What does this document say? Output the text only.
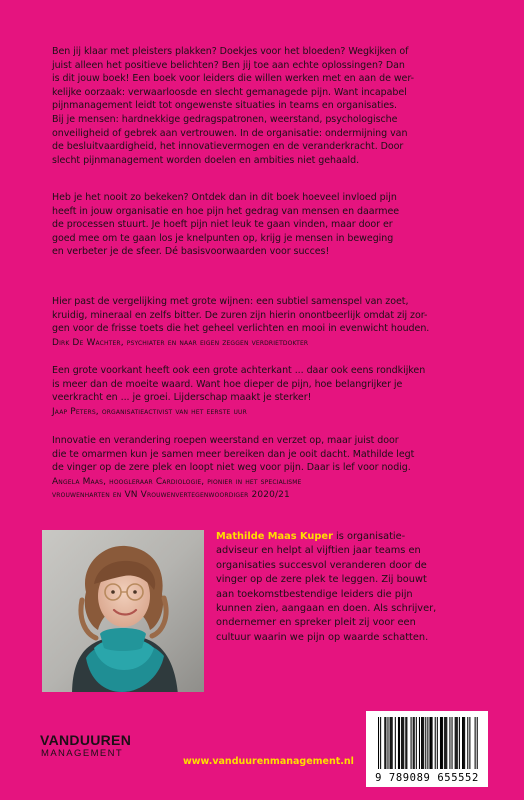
Ben jij klaar met pleisters plakken? Doekjes voor het bloeden? Wegkijken of

juist alleen het positieve belichten? Ben jij toe aan echte oplossingen? Dan

is dit jouw boek! Een boek voor leiders die willen werken met en aan de wer-

kelijke oorzaak: verwaarloosde en slecht gemanagede pijn. Want incapabel

pijnmanagement leidt tot ongewenste situaties in teams en organisaties.

Bij je mensen: hardnekkige gedragspatronen, weerstand, psychologische

onveiligheid of gebrek aan vertrouwen. In de organisatie: ondermijning van

de besluitvaardigheid, het innovatievermogen en de veranderkracht. Door

slecht pijnmanagement worden doelen en ambities niet gehaald.

Heb je het nooit zo bekeken? Ontdek dan in dit boek hoeveel invloed pijn

heeft in jouw organisatie en hoe pijn het gedrag van mensen en daarmee

de processen stuurt. Je hoeft pijn niet leuk te gaan vinden, maar door er

goed mee om te gaan los je knelpunten op, krijg je mensen in beweging

en verbeter je de sfeer. Dé basisvoorwaarden voor succes!

Hier past de vergelijking met grote wijnen: een subtiel samenspel van zoet,

kruidig, mineraal en zelfs bitter. De zuren zijn hierin onontbeerlijk omdat zij zor-

gen voor de frisse toets die het geheel verlichten en mooi in evenwicht houden.

Dirk De Wachter, psychiater en naar eigen zeggen verdrietdokter

Een grote voorkant heeft ook een grote achterkant ... daar ook eens rondkijken

is meer dan de moeite waard. Want hoe dieper de pijn, hoe belangrijker je

veerkracht en ... je groei. Lijderschap maakt je sterker!

Jaap Peters, organisatieactivist van het eerste uur

Innovatie en verandering roepen weerstand en verzet op, maar juist door

die te omarmen kun je samen meer bereiken dan je ooit dacht. Mathilde legt

de vinger op de zere plek en loopt niet weg voor pijn. Daar is lef voor nodig.

Angela Maas, hoogleraar Cardiologie, pionier in het specialisme

vrouwenharten en VN Vrouwenvertegenwoordiger 2020/21

Mathilde Maas Kuper is organisatie-
adviseur en helpt al vijftien jaar teams en
organisaties succesvol veranderen door de
vinger op de zere plek te leggen. Zij bouwt
aan toekomstbestendige leiders die pijn
kunnen zien, aangaan en doen. Als schrijver,
ondernemer en spreker pleit zij voor een
cultuur waarin we pijn op waarde schatten.
VANDUUREN
MANAGEMENT
www.vanduurenmanagement.nl
9 789089 655552
